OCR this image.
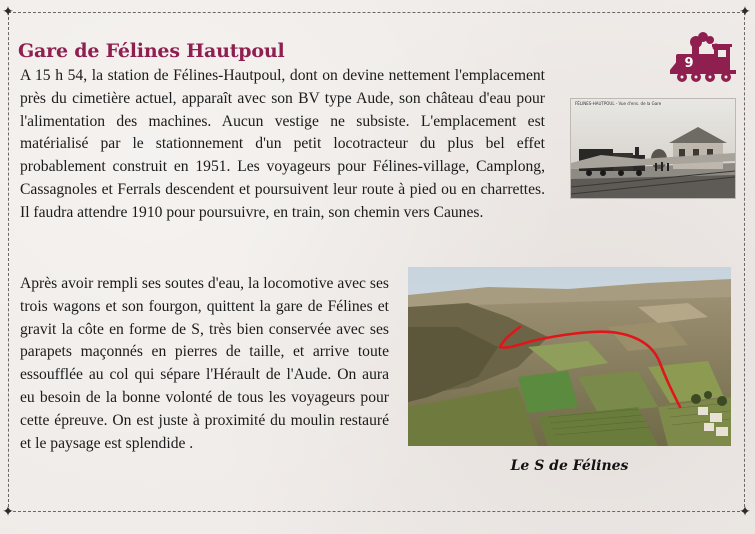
✦	✦
✦	✦
Gare de Félines Hautpoul
9

A 15 h 54, la station de Félines-Hautpoul, dont on devine nettement l'emplacement près du cimetière actuel, apparaît avec son BV type Aude, son château d'eau pour l'alimentation des machines. Aucun vestige ne subsiste. L'emplacement est matérialisé par le stationnement d'un petit locotracteur du plus bel effet probablement construit en 1951. Les voyageurs pour Félines-village, Camplong, Cassagnoles et Ferrals descendent et poursuivent leur route à pied ou en charrettes. Il faudra attendre 1910 pour poursuivre, en train, son chemin vers Caunes.

FÉLINES-HAUTPOUL - Vue d'ens. de la Gare

Après avoir rempli ses soutes d'eau, la locomotive avec ses trois wagons et son fourgon, quittent la gare de Félines et gravit la côte en forme de S, très bien conservée avec ses parapets maçonnés en pierres de taille, et arrive toute essoufflée au col qui sépare l'Hérault de l'Aude. On aura eu besoin de la bonne volonté de tous les voyageurs pour cette épreuve. On est juste à proximité du moulin restauré et le paysage est splendide .

Le S de Félines
